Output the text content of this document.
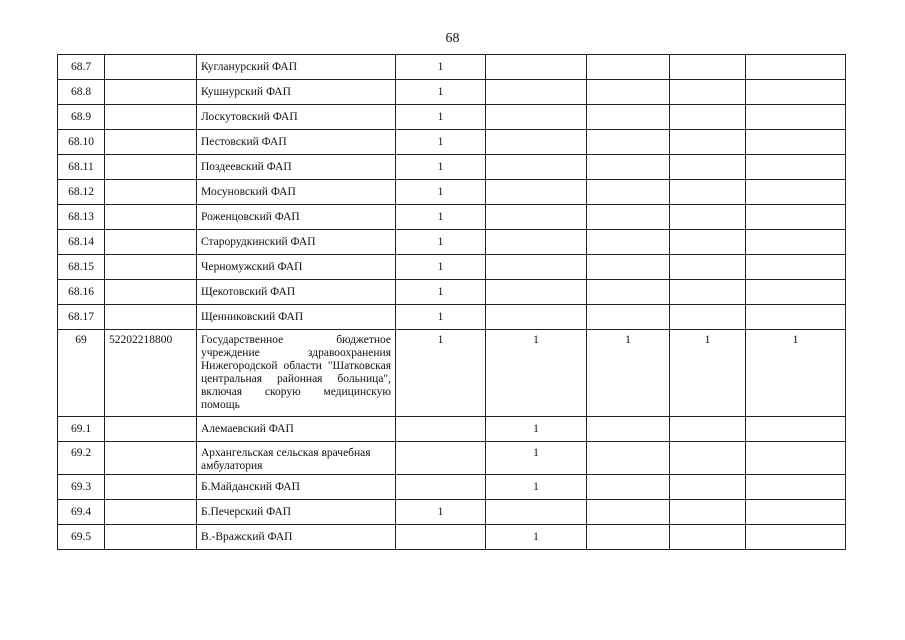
68
68.7		Кугланурский ФАП	1				
68.8		Кушнурский ФАП	1				
68.9		Лоскутовский ФАП	1				
68.10		Пестовский ФАП	1				
68.11		Поздеевский ФАП	1				
68.12		Мосуновский ФАП	1				
68.13		Роженцовский ФАП	1				
68.14		Старорудкинский ФАП	1				
68.15		Черномужский ФАП	1				
68.16		Щекотовский ФАП	1				
68.17		Щенниковский ФАП	1				
69	52202218800	Государственное бюджетное учреждение здравоохранения Нижегородской области "Шатковская центральная районная больница", включая скорую медицинскую помощь	1	1	1	1	1
69.1		Алемаевский ФАП		1			
69.2		Архангельская сельская врачебная амбулатория		1			
69.3		Б.Майданский ФАП		1			
69.4		Б.Печерский ФАП	1				
69.5		В.-Вражский ФАП		1			
